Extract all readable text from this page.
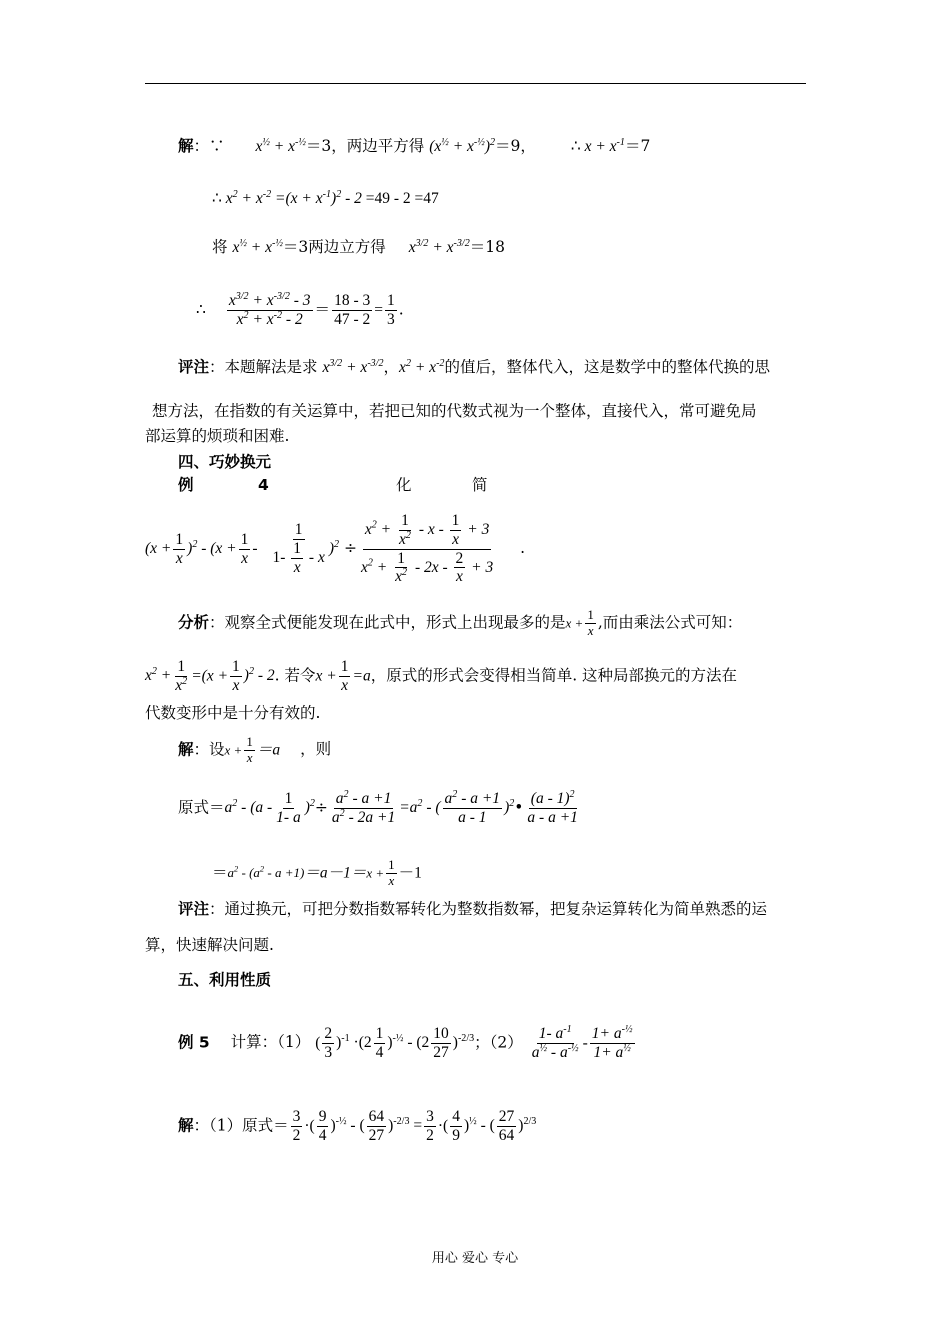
解：∵ $x^{\frac{1}{2}} + x^{-\frac{1}{2}}=3$，两边平方得 $(x^{\frac{1}{2}} + x^{-\frac{1}{2}})^2=9$， ∴ $x + x^{-1}=7$
∴ $x^2 + x^{-2} =(x + x^{-1})^2 - 2 =49 - 2 =47$
将 $x^{\frac{1}{2}} + x^{-\frac{1}{2}}=3$两边立方得 $x^{3/2} + x^{-3/2}=18$
∴ $\frac{x^{3/2} + x^{-3/2} - 3}{x^2 + x^{-2} - 2} = \frac{18 - 3}{47 - 2} = \frac{1}{3}$ .
评注：本题解法是求 $x^{3/2} + x^{-3/2}$，$x^2 + x^{-2}$的值后，整体代入，这是数学中的整体代换的思
想方法，在指数的有关运算中，若把已知的代数式视为一个整体，直接代入，常可避免局
部运算的烦琐和困难.
四、巧妙换元
例	4	化	简
$(x + \frac{1}{x} )^2 - (x + \frac{1}{x} - \frac{1}{1- \frac{1}{x} - x} )^2 \div \frac{x^2 + \frac{1}{x^2} - x - \frac{1}{x} + 3}{x^2 + \frac{1}{x^2} - 2x - \frac{2}{x} + 3}$ .
分析：观察全式便能发现在此式中，形式上出现最多的是$x + \frac{1}{x}$ ,而由乘法公式可知：
$x^2 + \frac{1}{x^2} =(x + \frac{1}{x} )^2 - 2$. 若令$x + \frac{1}{x} =a$，原式的形式会变得相当简单. 这种局部换元的方法在
代数变形中是十分有效的.
解：设$x + \frac{1}{x} =a$ ，则
原式$=a^2 - (a - \frac{1}{1- a} )^2\div \frac{a^2 - a +1}{a^2 - 2a +1} =a^2$ - ( $\frac{a^2 - a +1}{a - 1}$ )$^2$• $\frac{(a - 1)^2}{a - a +1}$
$=a^2 - (a^2 - a +1)=a-1=x + \frac{1}{x} -1$
评注：通过换元，可把分数指数幂转化为整数指数幂，把复杂运算转化为简单熟悉的运
算，快速解决问题.
五、利用性质
例 5 计算：（1） ( $\frac{2}{3} )^{-1} \cdot(2 \frac{1}{4} )^{-\frac{1}{2}} - (2 \frac{10}{27} )^{-2/3}$；$(2) \frac{1- a^{-1}}{a^{\frac{1}{2}} - a^{-\frac{1}{2}}} - \frac{1+ a^{-\frac{1}{2}}}{1+ a^{\frac{1}{2}}}$
解：（1）原式＝ $\frac{3}{2}$ ·( $\frac{9}{4} )^{-\frac{1}{2}}$ - ( $\frac{64}{27} )^{-2/3} = \frac{3}{2}$ ·( $\frac{4}{9} )^{\frac{1}{2}}$ - ( $\frac{27}{64} )^{2/3}$
用心 爱心 专心
